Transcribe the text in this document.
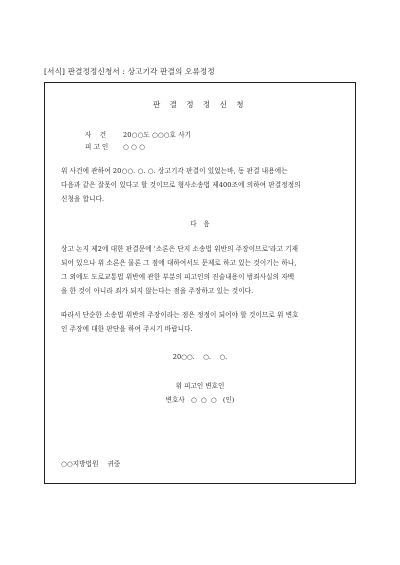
[서식] 판결정정신청서 : 상고기각 판결의 오류정정
판 결 정 정 신 청
사    건	20○○도 ○○○호 사기
피 고 인 ○ ○ ○
위 사건에 관하여 20○○. ○. ○. 상고기각 판결이 있었는바, 동 판결 내용에는
다음과 같은 잘못이 있다고 할 것이므로 형사소송법 제400조에 의하여 판결정정의
신청을 합니다.
다   음
상고 논지 제2에 대한 판결문에 '소론은 단지 소송법 위반의 주장이므로'라고 기재
되어 있으나 위 소론은 물론 그 점에 대하여서도 문제로 하고 있는 것이기는 하나,
그 외에도 도로교통법 위반에 관한 부분의 피고인의 진술내용이 범죄사실의 자백
을 한 것이 아니라 죄가 되지 않는다는 점을 주장하고 있는 것이다.
따라서 단순한 소송법 위반의 주장이라는 점은 정정이 되어야 할 것이므로 위 변호
인 주장에 대한 판단을 하여 주시기 바랍니다.
20○○.    ○.    ○.
위 피고인 변호인
변호사   ○  ○  ○   (인)
○○지방법원    귀중
